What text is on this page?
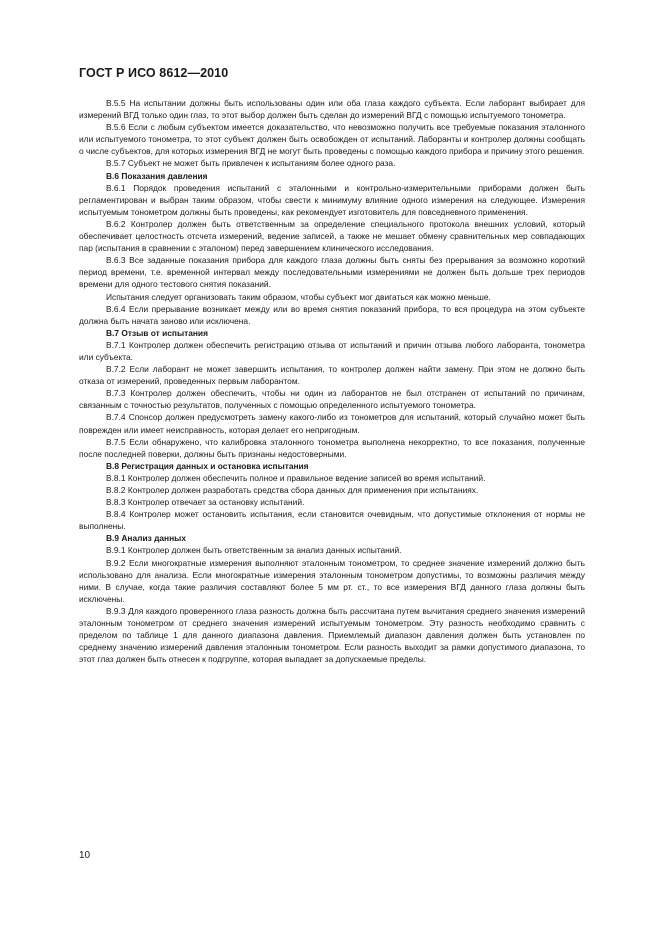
ГОСТ Р ИСО 8612—2010

В.5.5 На испытании должны быть использованы один или оба глаза каждого субъекта. Если лаборант выбирает для измерений ВГД только один глаз, то этот выбор должен быть сделан до измерений ВГД с помощью испытуемого тонометра.

В.5.6 Если с любым субъектом имеется доказательство, что невозможно получить все требуемые показания эталонного или испытуемого тонометра, то этот субъект должен быть освобожден от испытаний. Лаборанты и контролер должны сообщать о числе субъектов, для которых измерения ВГД не могут быть проведены с помощью каждого прибора и причину этого решения.

В.5.7 Субъект не может быть привлечен к испытаниям более одного раза.

В.6 Показания давления

В.6.1 Порядок проведения испытаний с эталонными и контрольно-измерительными приборами должен быть регламентирован и выбран таким образом, чтобы свести к минимуму влияние одного измерения на следующее. Измерения испытуемым тонометром должны быть проведены, как рекомендует изготовитель для повседневного применения.

В.6.2 Контролер должен быть ответственным за определение специального протокола внешних условий, который обеспечивает целостность отсчета измерений, ведение записей, а также не мешает обмену сравнительных мер совпадающих пар (испытания в сравнении с эталоном) перед завершением клинического исследования.

В.6.3 Все заданные показания прибора для каждого глаза должны быть сняты без прерывания за возможно короткий период времени, т.е. временной интервал между последовательными измерениями не должен быть дольше трех периодов времени для одного тестового снятия показаний.

Испытания следует организовать таким образом, чтобы субъект мог двигаться как можно меньше.

В.6.4 Если прерывание возникает между или во время снятия показаний прибора, то вся процедура на этом субъекте должна быть начата заново или исключена.

В.7 Отзыв от испытания

В.7.1 Контролер должен обеспечить регистрацию отзыва от испытаний и причин отзыва любого лаборанта, тонометра или субъекта.

В.7.2 Если лаборант не может завершить испытания, то контролер должен найти замену. При этом не должно быть отказа от измерений, проведенных первым лаборантом.

В.7.3 Контролер должен обеспечить, чтобы ни один из лаборантов не был отстранен от испытаний по причинам, связанным с точностью результатов, полученных с помощью определенного испытуемого тонометра.

В.7.4 Спонсор должен предусмотреть замену какого-либо из тонометров для испытаний, который случайно может быть поврежден или имеет неисправность, которая делает его непригодным.

В.7.5 Если обнаружено, что калибровка эталонного тонометра выполнена некорректно, то все показания, полученные после последней поверки, должны быть признаны недостоверными.

В.8 Регистрация данных и остановка испытания

В.8.1 Контролер должен обеспечить полное и правильное ведение записей во время испытаний.

В.8.2 Контролер должен разработать средства сбора данных для применения при испытаниях.

В.8.3 Контролер отвечает за остановку испытаний.

В.8.4 Контролер может остановить испытания, если становится очевидным, что допустимые отклонения от нормы не выполнены.

В.9 Анализ данных

В.9.1 Контролер должен быть ответственным за анализ данных испытаний.

В.9.2 Если многократные измерения выполняют эталонным тонометром, то среднее значение измерений должно быть использовано для анализа. Если многократные измерения эталонным тонометром допустимы, то возможны различия между ними. В случае, когда такие различия составляют более 5 мм рт. ст., то все измерения ВГД данного глаза должны быть исключены.

В.9.3 Для каждого проверенного глаза разность должна быть рассчитана путем вычитания среднего значения измерений эталонным тонометром от среднего значения измерений испытуемым тонометром. Эту разность необходимо сравнить с пределом по таблице 1 для данного диапазона давления. Приемлемый диапазон давления должен быть установлен по среднему значению измерений давления эталонным тонометром. Если разность выходит за рамки допустимого диапазона, то этот глаз должен быть отнесен к подгруппе, которая выпадает за допускаемые пределы.

10
